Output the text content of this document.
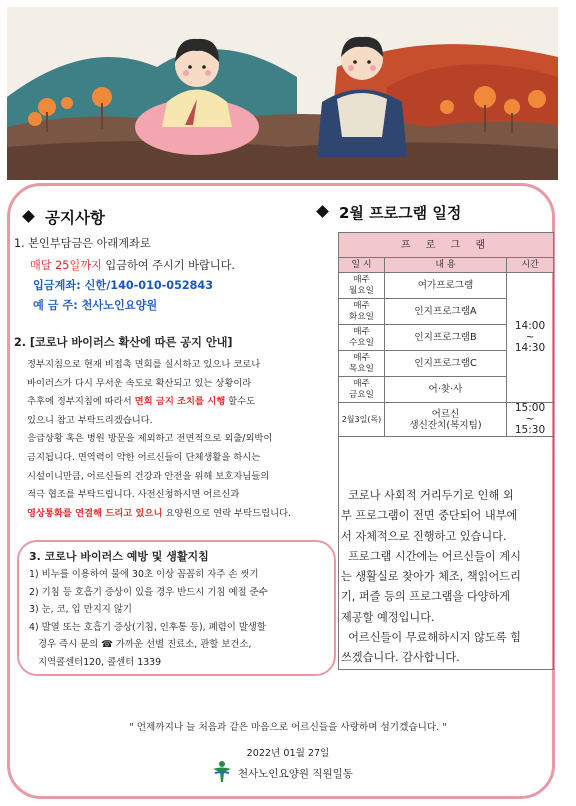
공지사항
1. 본인부담금은 아래계좌로
매달 25일까지 입금하여 주시기 바랍니다.
입금계좌: 신한/140-010-052843
예 금 주: 천사노인요양원
2. [코로나 바이러스 확산에 따른 공지 안내]
정부지침으로 현재 비접촉 면회를 실시하고 있으나 코로나
바이러스가 다시 무서운 속도로 확산되고 있는 상황이라
추후에 정부지침에 따라서 면회 금지 조치를 시행 할수도
있으니 참고 부탁드리겠습니다.
응급상황 혹은 병원 방문을 제외하고 전면적으로 외출/외박이
금지됩니다. 면역력이 약한 어르신들이 단체생활을 하시는
시설이니만큼, 어르신들의 건강과 안전을 위해 보호자님들의
적극 협조를 부탁드립니다. 사전신청하시면 어르신과
영상통화를 연결해 드리고 있으니 요양원으로 연락 부탁드립니다.
3. 코로나 바이러스 예방 및 생활지침
1) 비누를 이용하여 물에 30초 이상 꼼꼼히 자주 손 씻기
2) 기침 등 호흡기 증상이 있을 경우 반드시 기침 예절 준수
3) 눈, 코, 입 만지지 않기
4) 발열 또는 호흡기 증상(기침, 인후통 등), 폐렴이 발생할
경우 즉시 문의 ☎ 가까운 선별 진료소, 관할 보건소,
지역콜센터120, 콜센터 1339
2월 프로그램 일정
프 로 그 램		
일 시	내 용	시간
매주
월요일	여가프로그램	14:00
~
14:30
매주
화요일	인지프로그램A	
매주
수요일	인지프로그램B	
매주
목요일	인지프로그램C	
매주
금요일	어·찾·사	
2월3일(목)	어르신
생신잔치(복지팀)	15:00
~
15:30

코로나 사회적 거리두기로 인해 외
부 프로그램이 전면 중단되어 내부에
서 자체적으로 진행하고 있습니다.
프로그램 시간에는 어르신들이 계시
는 생활실로 찾아가 체조, 책읽어드리
기, 퍼즐 등의 프로그램을 다양하게
제공할 예정입니다.
어르신들이 무료해하시지 않도록 힘
쓰겠습니다. 감사합니다.
" 언제까지나 늘 처음과 같은 마음으로 어르신들을 사랑하며 섬기겠습니다. "
2022년 01월 27일
천사노인요양원 직원일동
